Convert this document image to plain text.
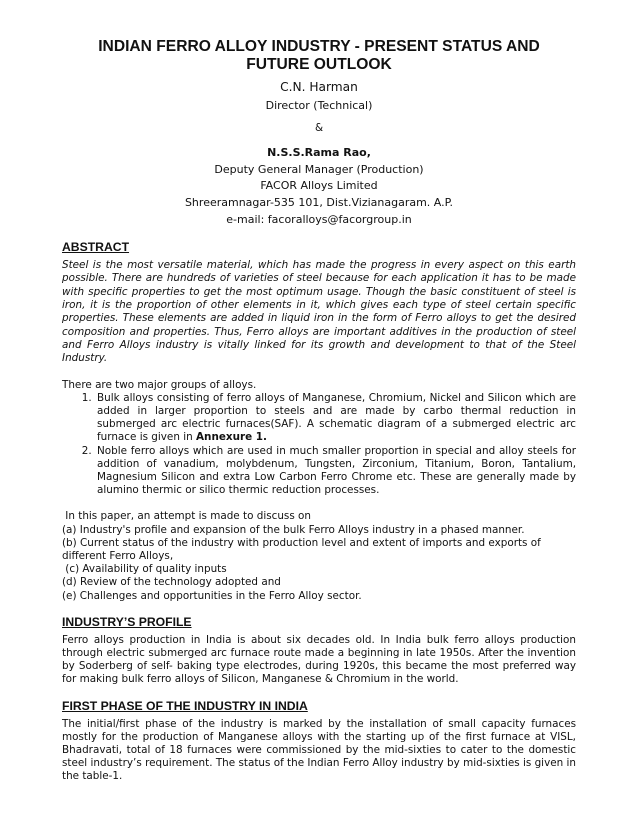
INDIAN FERRO ALLOY INDUSTRY - PRESENT STATUS AND
FUTURE OUTLOOK
C.N. Harman
Director (Technical)
&
N.S.S.Rama Rao,
Deputy General Manager (Production)
FACOR Alloys Limited
Shreeramnagar-535 101, Dist.Vizianagaram. A.P.
e-mail: facoralloys@facorgroup.in
ABSTRACT

Steel is the most versatile material, which has made the progress in every aspect on this earth possible. There are hundreds of varieties of steel because for each application it has to be made with specific properties to get the most optimum usage. Though the basic constituent of steel is iron, it is the proportion of other elements in it, which gives each type of steel certain specific properties. These elements are added in liquid iron in the form of Ferro alloys to get the desired composition and properties. Thus, Ferro alloys are important additives in the production of steel and Ferro Alloys industry is vitally linked for its growth and development to that of the Steel Industry.

There are two major groups of alloys.

1. Bulk alloys consisting of ferro alloys of Manganese, Chromium, Nickel and Silicon which are added in larger proportion to steels and are made by carbo thermal reduction in submerged arc electric furnaces(SAF). A schematic diagram of a submerged electric arc furnace is given in Annexure 1.
2. Noble ferro alloys which are used in much smaller proportion in special and alloy steels for addition of vanadium, molybdenum, Tungsten, Zirconium, Titanium, Boron, Tantalium, Magnesium Silicon and extra Low Carbon Ferro Chrome etc. These are generally made by alumino thermic or silico thermic reduction processes.
In this paper, an attempt is made to discuss on
(a) Industry's profile and expansion of the bulk Ferro Alloys industry in a phased manner.
(b) Current status of the industry with production level and extent of imports and exports of different Ferro Alloys,
(c) Availability of quality inputs
(d) Review of the technology adopted and
(e) Challenges and opportunities in the Ferro Alloy sector.
INDUSTRY’S PROFILE

Ferro alloys production in India is about six decades old. In India bulk ferro alloys production through electric submerged arc furnace route made a beginning in late 1950s. After the invention by Soderberg of self- baking type electrodes, during 1920s, this became the most preferred way for making bulk ferro alloys of Silicon, Manganese & Chromium in the world.

FIRST PHASE OF THE INDUSTRY IN INDIA

The initial/first phase of the industry is marked by the installation of small capacity furnaces mostly for the production of Manganese alloys with the starting up of the first furnace at VISL, Bhadravati, total of 18 furnaces were commissioned by the mid-sixties to cater to the domestic steel industry’s requirement. The status of the Indian Ferro Alloy industry by mid-sixties is given in the table-1.
